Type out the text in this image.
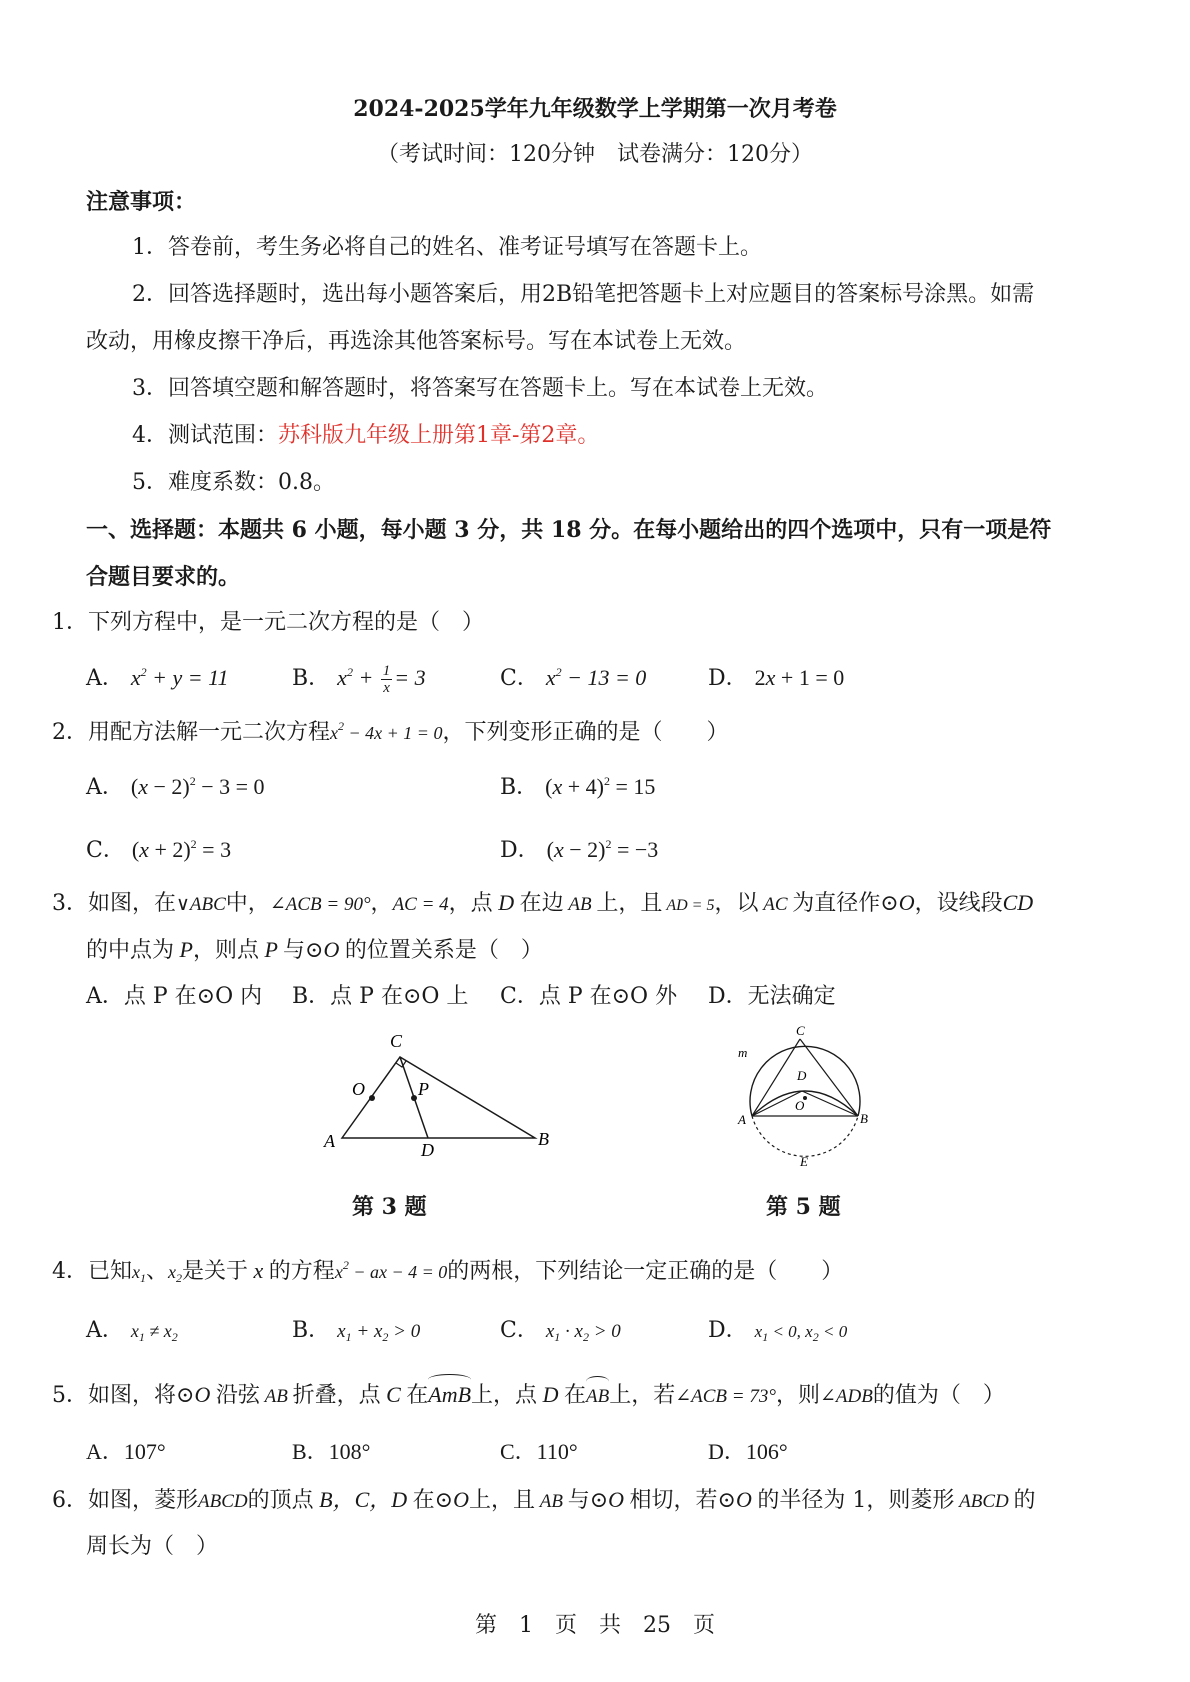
2024-2025学年九年级数学上学期第一次月考卷
（考试时间：120分钟　试卷满分：120分）
注意事项：
1．答卷前，考生务必将自己的姓名、准考证号填写在答题卡上。
2．回答选择题时，选出每小题答案后，用2B铅笔把答题卡上对应题目的答案标号涂黑。如需
改动，用橡皮擦干净后，再选涂其他答案标号。写在本试卷上无效。
3．回答填空题和解答题时，将答案写在答题卡上。写在本试卷上无效。
4．测试范围：苏科版九年级上册第1章-第2章。
5．难度系数：0.8。
一、选择题：本题共 6 小题，每小题 3 分，共 18 分。在每小题给出的四个选项中，只有一项是符
合题目要求的。
1．下列方程中，是一元二次方程的是（　）
A． $x^2 + y = 11$	B． $x^2 + \frac{1}{x} = 3$	C． $x^2 - 13 = 0$	D． 2x + 1 = 0
2．用配方法解一元二次方程$x^2 - 4x + 1 = 0$，下列变形正确的是（　　）
A． $(x - 2)^2 - 3 = 0$	B． $(x + 4)^2 = 15$
C． $(x + 2)^2 = 3$	D． $(x - 2)^2 = -3$
3．如图，在∨ABC中，∠ACB = 90°，AC = 4，点 D 在边 AB 上，且 AD = 5，以 AC 为直径作⊙O，设线段CD
的中点为 P，则点 P 与⊙O 的位置关系是（　）
A．点 P 在⊙O 内 B．点 P 在⊙O 上 C．点 P 在⊙O 外 D．无法确定
C
O	P
A	D
B
第 3 题
C
m
D
O
A	B
E
第 5 题
4．已知$x_1$、$x_2$是关于 x 的方程$x^2$ − ax − 4 = 0的两根，下列结论一定正确的是（　　）
A． $x_1 \ne x_2$	B． $x_1 + x_2 > 0$	C． $x_1 \cdot x_2 > 0$	D． $x_1 < 0$, $x_2 < 0$
5．如图，将⊙O 沿弦 AB 折叠，点 C 在AmB上，点 D 在AB上，若∠ACB = 73°，则∠ADB的值为（　）
A．107°	B．108°	C．110°	D．106°
6．如图，菱形ABCD的顶点 B，C，D 在⊙O上，且 AB 与⊙O 相切，若⊙O 的半径为 1，则菱形 ABCD 的
周长为（　）
第　1　页　共　25　页
